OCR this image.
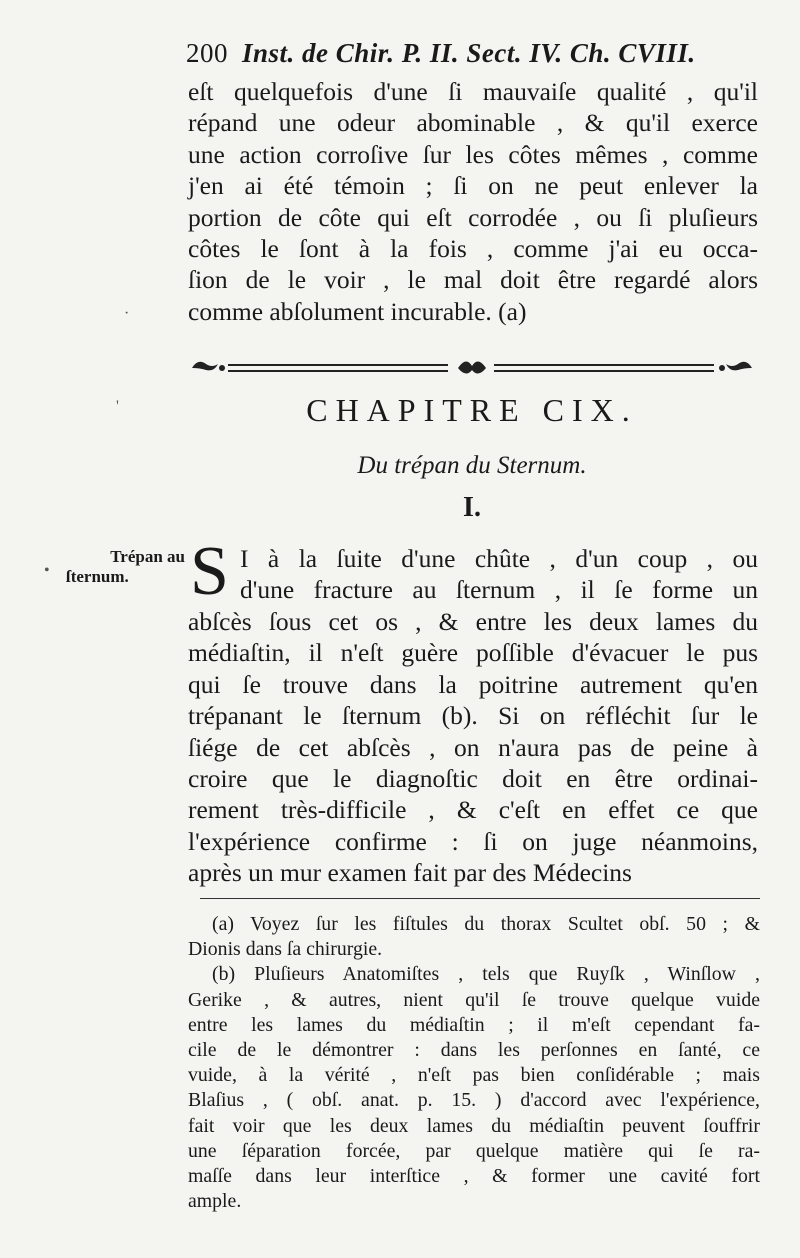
200 Inst. de Chir. P. II. Sect. IV. Ch. CVIII.
eſt quelquefois d'une ſi mauvaiſe qualité , qu'il
répand une odeur abominable , & qu'il exerce
une action corroſive ſur les côtes mêmes , comme
j'en ai été témoin ; ſi on ne peut enlever la
portion de côte qui eſt corrodée , ou ſi pluſieurs
côtes le ſont à la fois , comme j'ai eu occa-
ſion de le voir , le mal doit être regardé alors
comme abſolument incurable. (a)
CHAPITRE CIX.
Du trépan du Sternum.
I.
Trépan au
ſternum. S I à la ſuite d'une chûte , d'un coup , ou
d'une fracture au ſternum , il ſe forme un
abſcès ſous cet os , & entre les deux lames du
médiaſtin, il n'eſt guère poſſible d'évacuer le pus
qui ſe trouve dans la poitrine autrement qu'en
trépanant le ſternum (b). Si on réfléchit ſur le
ſiége de cet abſcès , on n'aura pas de peine à
croire que le diagnoſtic doit en être ordinai-
rement très-difficile , & c'eſt en effet ce que
l'expérience confirme : ſi on juge néanmoins,
après un mur examen fait par des Médecins
(a) Voyez ſur les fiſtules du thorax Scultet obſ. 50 ; &
Dionis dans ſa chirurgie.
(b) Pluſieurs Anatomiſtes , tels que Ruyſk , Winſlow ,
Gerike , & autres, nient qu'il ſe trouve quelque vuide
entre les lames du médiaſtin ; il m'eſt cependant fa-
cile de le démontrer : dans les perſonnes en ſanté, ce
vuide, à la vérité , n'eſt pas bien conſidérable ; mais
Blaſius , ( obſ. anat. p. 15. ) d'accord avec l'expérience,
fait voir que les deux lames du médiaſtin peuvent ſouffrir
une ſéparation forcée, par quelque matière qui ſe ra-
maſſe dans leur interſtice , & former une cavité fort
ample.
·
'
•
